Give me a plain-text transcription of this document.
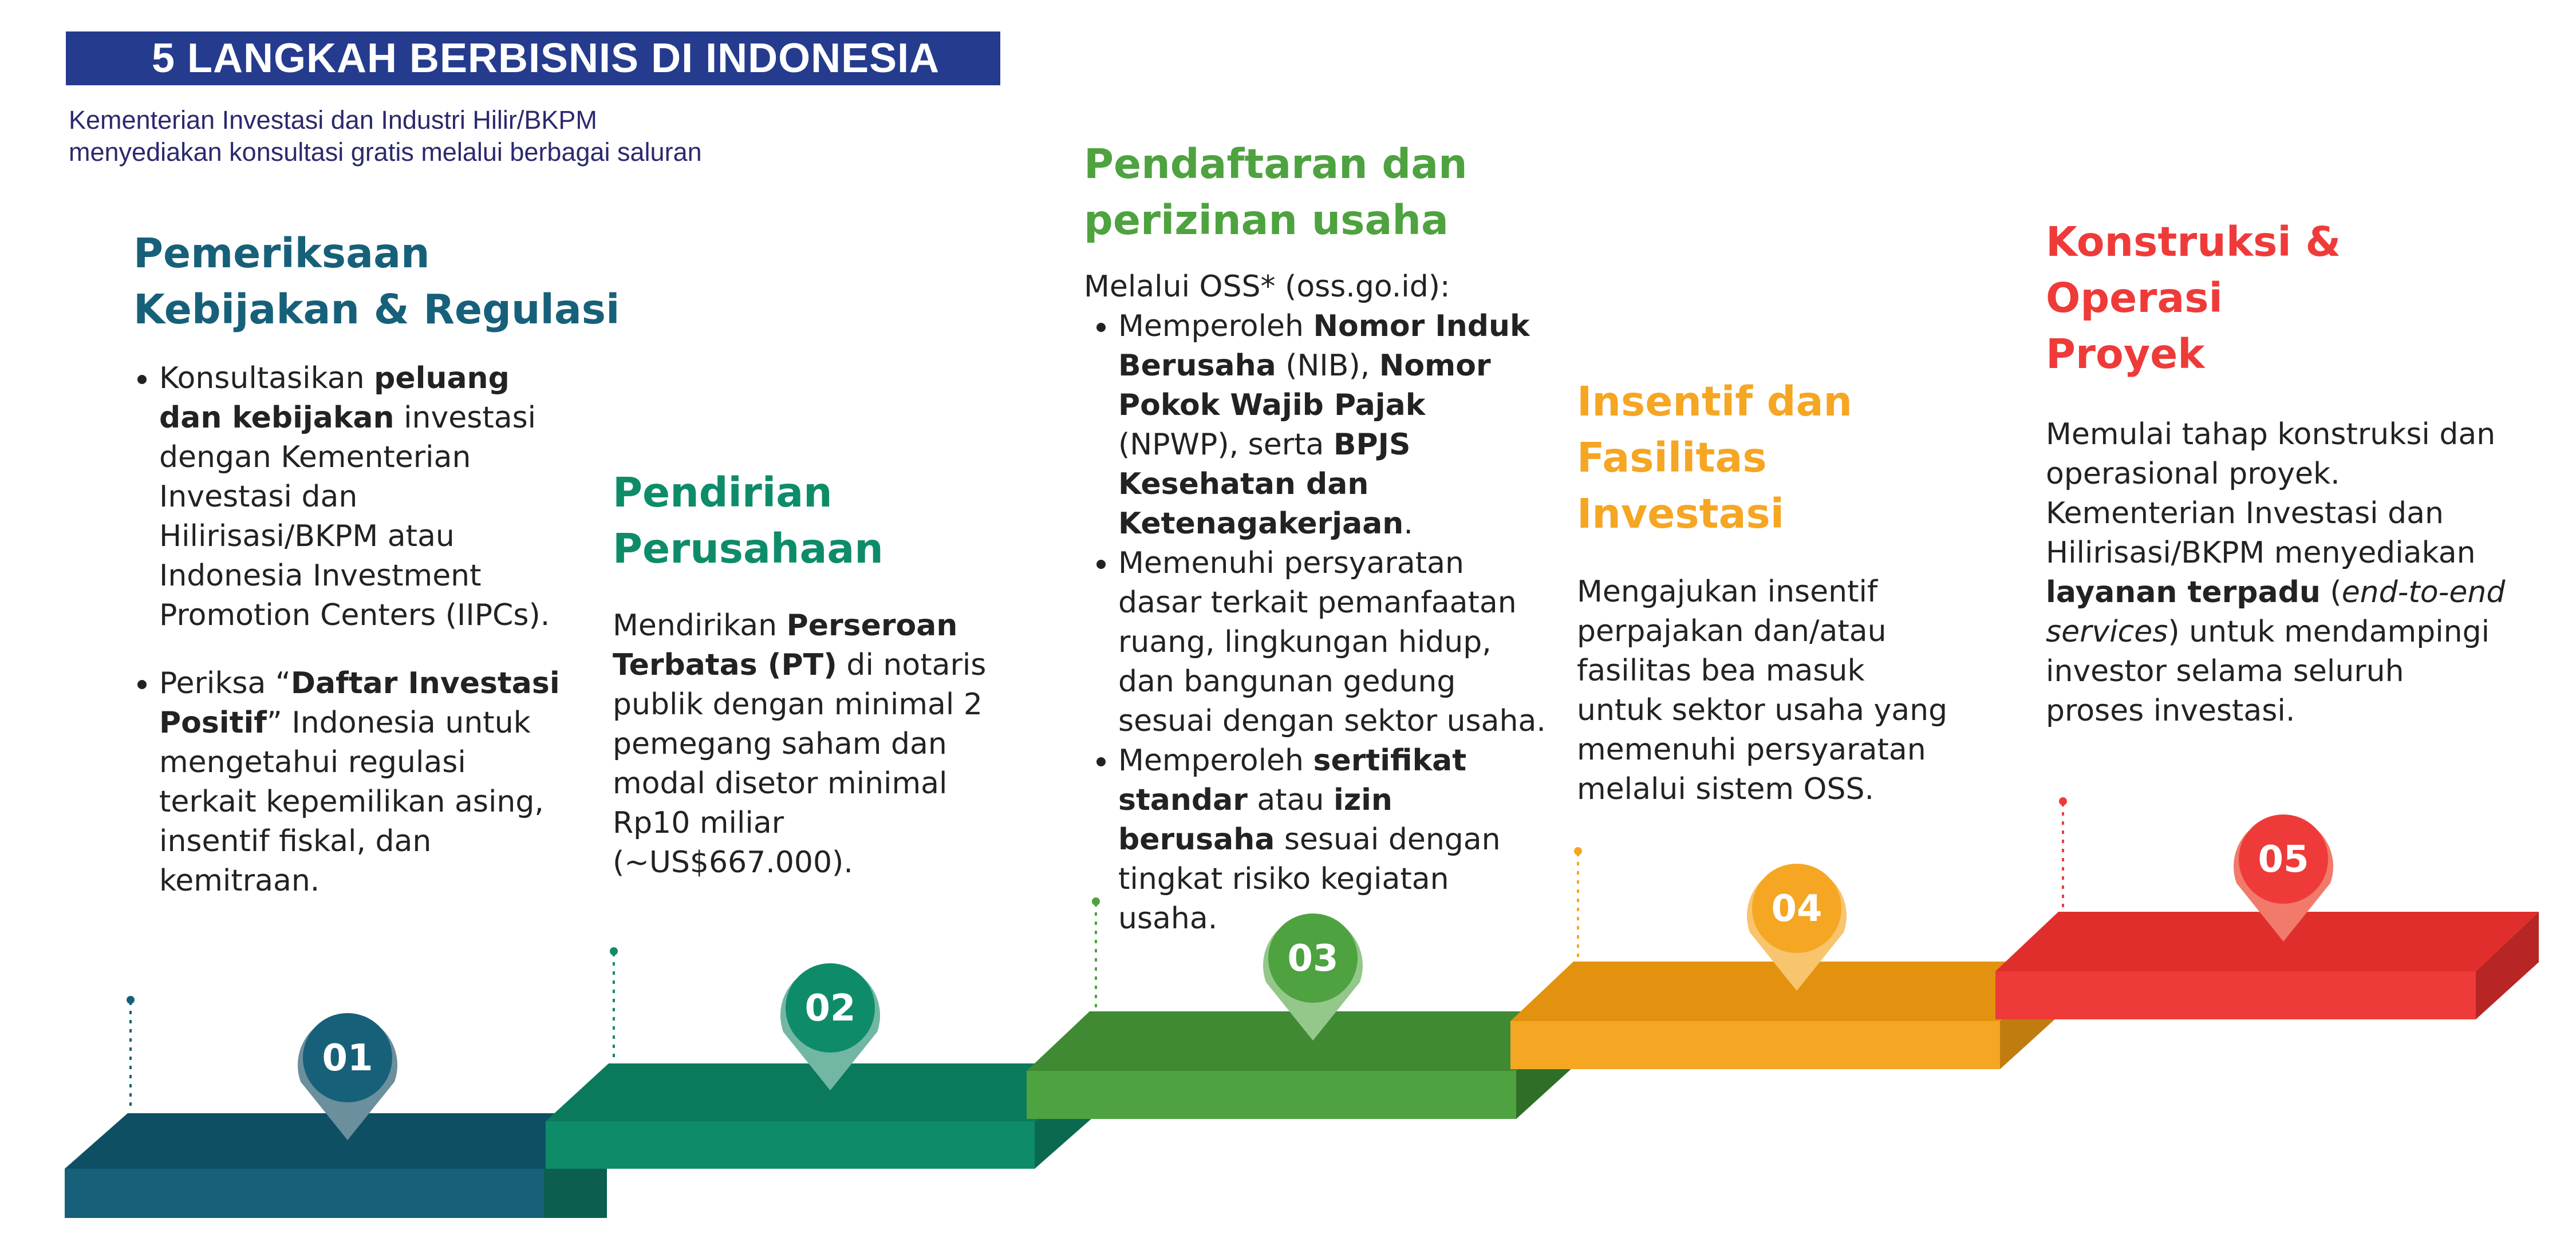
5 LANGKAH BERBISNIS DI INDONESIA
Kementerian Investasi dan Industri Hilir/BKPM
menyediakan konsultasi gratis melalui berbagai saluran
01
02
03
04
05
Pemeriksaan
Kebijakan & Regulasi
• Konsultasikan peluang dan kebijakan investasi dengan Kementerian Investasi dan Hilirisasi/BKPM atau Indonesia Investment Promotion Centers (IIPCs).
• Periksa “Daftar Investasi Positif” Indonesia untuk mengetahui regulasi terkait kepemilikan asing, insentif fiskal, dan kemitraan.
Pendirian
Perusahaan

Mendirikan Perseroan Terbatas (PT) di notaris publik dengan minimal 2 pemegang saham dan modal disetor minimal Rp10 miliar (~US$667.000).

Pendaftaran dan
perizinan usaha

Melalui OSS* (oss.go.id):

• Memperoleh Nomor Induk Berusaha (NIB), Nomor Pokok Wajib Pajak (NPWP), serta BPJS Kesehatan dan Ketenagakerjaan.
• Memenuhi persyaratan dasar terkait pemanfaatan ruang, lingkungan hidup, dan bangunan gedung sesuai dengan sektor usaha.
• Memperoleh sertifikat standar atau izin berusaha sesuai dengan tingkat risiko kegiatan usaha.
Insentif dan
Fasilitas
Investasi

Mengajukan insentif perpajakan dan/atau fasilitas bea masuk untuk sektor usaha yang memenuhi persyaratan melalui sistem OSS.

Konstruksi &
Operasi
Proyek

Memulai tahap konstruksi dan operasional proyek. Kementerian Investasi dan Hilirisasi/BKPM menyediakan layanan terpadu (end-to-end services) untuk mendampingi investor selama seluruh proses investasi.
